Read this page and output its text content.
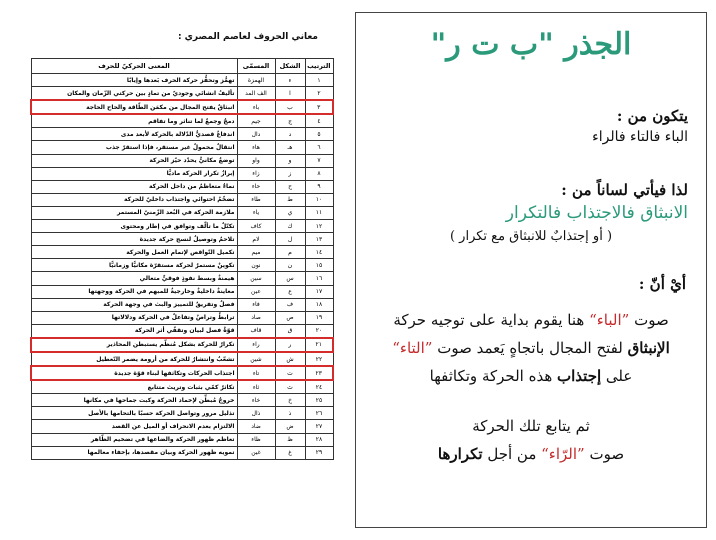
معاني الحروف لعاصم المصري :
الترتيب	الشكل	المسمّى	المعنى الحركيّ للحرف
١	ء	الهمزة	تهمُّز وتحفُّز حركة الحرف بَعدها وإيابًا
٢	ا	الف المد	تأليفُ انشائي وجوديّ من تمادٍ بين حركتي الزّمان والمكان
٣	ب	باء	انبثاقٌ يفتح المجال من مكمَن الطّاقة والحاح الحاجة
٤	ج	جيم	دمجٌ وجمعٌ لما تناثر وما تفاقم
٥	د	دال	اندفاعٌ قصديٌّ الدّلالة بالحركة لأبعد مدى
٦	هـ	هاء	انتقالٌ محمولٌ غير مستقر، فإذا استقرّ جذب
٧	و	واو	توضعٌ مكانيٌّ يحدّد حيّز الحركة
٨	ز	زاء	إبرازٌ تكرار الحركة ماديًّا
٩	ح	حاء	نماءٌ متعاظمٌ من داخل الحركة
١٠	ط	طاء	تضخّمٌ احتوائي واجتذاب داخليّ للحركة
١١	ي	ياء	ملازمة الحركة في البُعد الزّمنيّ المستمر
١٢	ك	كاف	تكتّلٌ ما تألّف وتوافق في إطار ومحتوى
١٣	ل	لام	تلاحمٌ وتوصيلٌ لنسج حركة جديدة
١٤	م	ميم	تكميل التّواقص لإتمام العمل والحركة
١٥	ن	نون	تكوينٌ مستمرٌ لحركة مستقرّة مكانيًّا وزمانيًّا
١٦	س	سين	هيمنةٌ وبسط نفوذٍ فوقيٍّ متعالي
١٧	ع	عين	معاينةٌ داخليةٌ وخارجيةٌ للمبهم في الحركة ووجهتها
١٨	ف	فاء	فصلٌ وتفريقٌ للتمييز والبث في وجهة الحركة
١٩	ص	صاد	ترابطٌ وتراصٌ وتفاعلٌ في الحركة ودلالاتها
٢٠	ق	قاف	قوّةٌ فصل لبيان وتقفّي أثر الحركة
٢١	ر	راء	تكرارٌ للحركة بشكل مُنظَّم يستبطن المحاذير
٢٢	ش	شين	تشعّبٌ وانتشارٌ للحركة من أرومة يضمر التّعطيل
٢٣	ت	تاء	اجتذاب الحركات وتكاثفها لبناء قوّة جديدة
٢٤	ث	ثاء	تكاثرٌ كمّي بثبات وتريث متتابع
٢٥	خ	خاء	خروجٌ مُبطِّن لإخماد الحركة وكبت جماحها في مكانها
٢٦	ذ	ذال	تذليل مرور وتواصل الحركة حسبًا بالتحامها بالأصل
٢٧	ض	ضاد	الالتزام بعدم الانحراف أو الميل عن القصد
٢٨	ظ	ظاء	تعاظم ظهور الحركة والضاعها في تضخيم الظّاهر
٢٩	غ	غين	تمويه ظهور الحركة وبيان مقصدها، بإخفاء معالمها
الجذر "ب ت ر"
يتكون من :
الباء فالتاء فالراء
لذا فيأتي لساناً من :
الانبثاق فالاجتذاب فالتكرار
( أو إجتذابٌ للانبثاق مع تكرار )
أيْ أنّ :
صوت ”الباء“ هنا يقوم بداية على توجيه حركة
الإنبثاق لفتح المجال باتجاهٍ يَعمد صوت ”التاء“
على إجتذاب هذه الحركة وتكاثفها
ثم يتابع تلك الحركة
صوت ”الرّاء“ من أجل تكرارها
